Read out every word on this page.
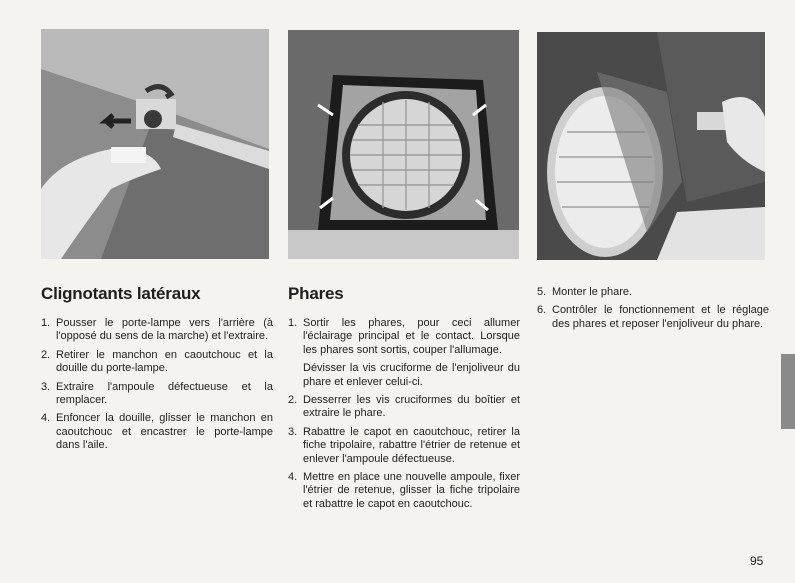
Clignotants latéraux
1. Pousser le porte-lampe vers l'arrière (à l'opposé du sens de la marche) et l'extraire.
2. Retirer le manchon en caoutchouc et la douille du porte-lampe.
3. Extraire l'ampoule défectueuse et la remplacer.
4. Enfoncer la douille, glisser le manchon en caoutchouc et encastrer le porte-lampe dans l'aile.
Phares
1. Sortir les phares, pour ceci allumer l'éclairage principal et le contact. Lorsque les phares sont sortis, couper l'allumage.
Dévisser la vis cruciforme de l'enjoliveur du phare et enlever celui-ci.
2. Desserrer les vis cruciformes du boîtier et extraire le phare.
3. Rabattre le capot en caoutchouc, retirer la fiche tripolaire, rabattre l'étrier de retenue et enlever l'ampoule défectueuse.
4. Mettre en place une nouvelle ampoule, fixer l'étrier de retenue, glisser la fiche tripolaire et rabattre le capot en caoutchouc.
5. Monter le phare.
6. Contrôler le fonctionnement et le réglage des phares et reposer l'enjoliveur du phare.
95
